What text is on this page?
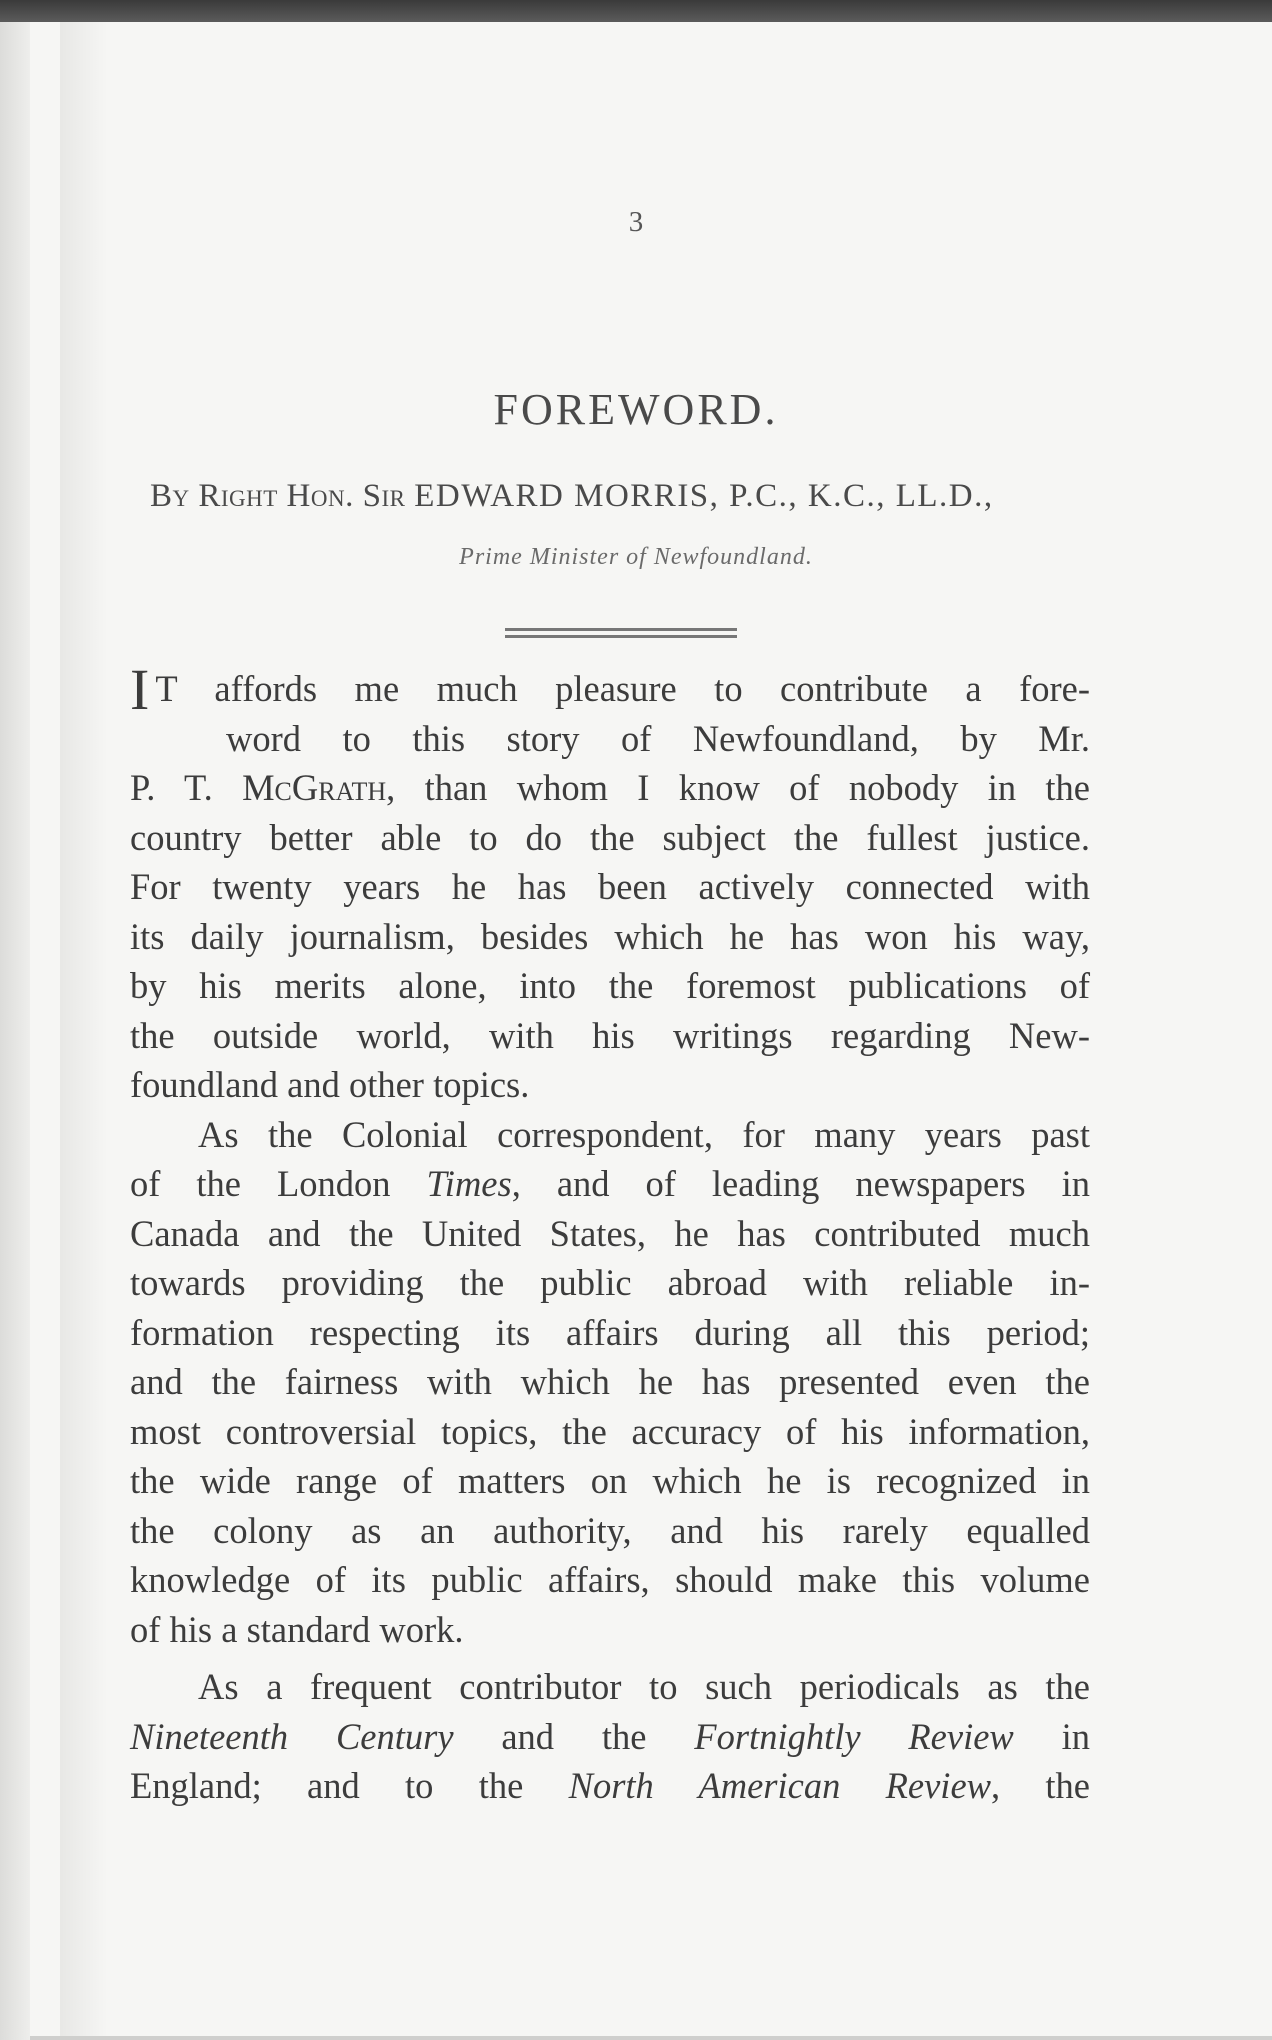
3
FOREWORD.
By Right Hon. Sir EDWARD MORRIS, P.C., K.C., LL.D.,
Prime Minister of Newfoundland.
I T affords me much pleasure to contribute a fore-
word to this story of Newfoundland, by Mr.
P. T. McGrath, than whom I know of nobody in the
country better able to do the subject the fullest justice.
For twenty years he has been actively connected with
its daily journalism, besides which he has won his way,
by his merits alone, into the foremost publications of
the outside world, with his writings regarding New-
foundland and other topics.
As the Colonial correspondent, for many years past
of the London Times, and of leading newspapers in
Canada and the United States, he has contributed much
towards providing the public abroad with reliable in-
formation respecting its affairs during all this period;
and the fairness with which he has presented even the
most controversial topics, the accuracy of his information,
the wide range of matters on which he is recognized in
the colony as an authority, and his rarely equalled
knowledge of its public affairs, should make this volume
of his a standard work.
As a frequent contributor to such periodicals as the
Nineteenth Century and the Fortnightly Review in
England; and to the North American Review, the
